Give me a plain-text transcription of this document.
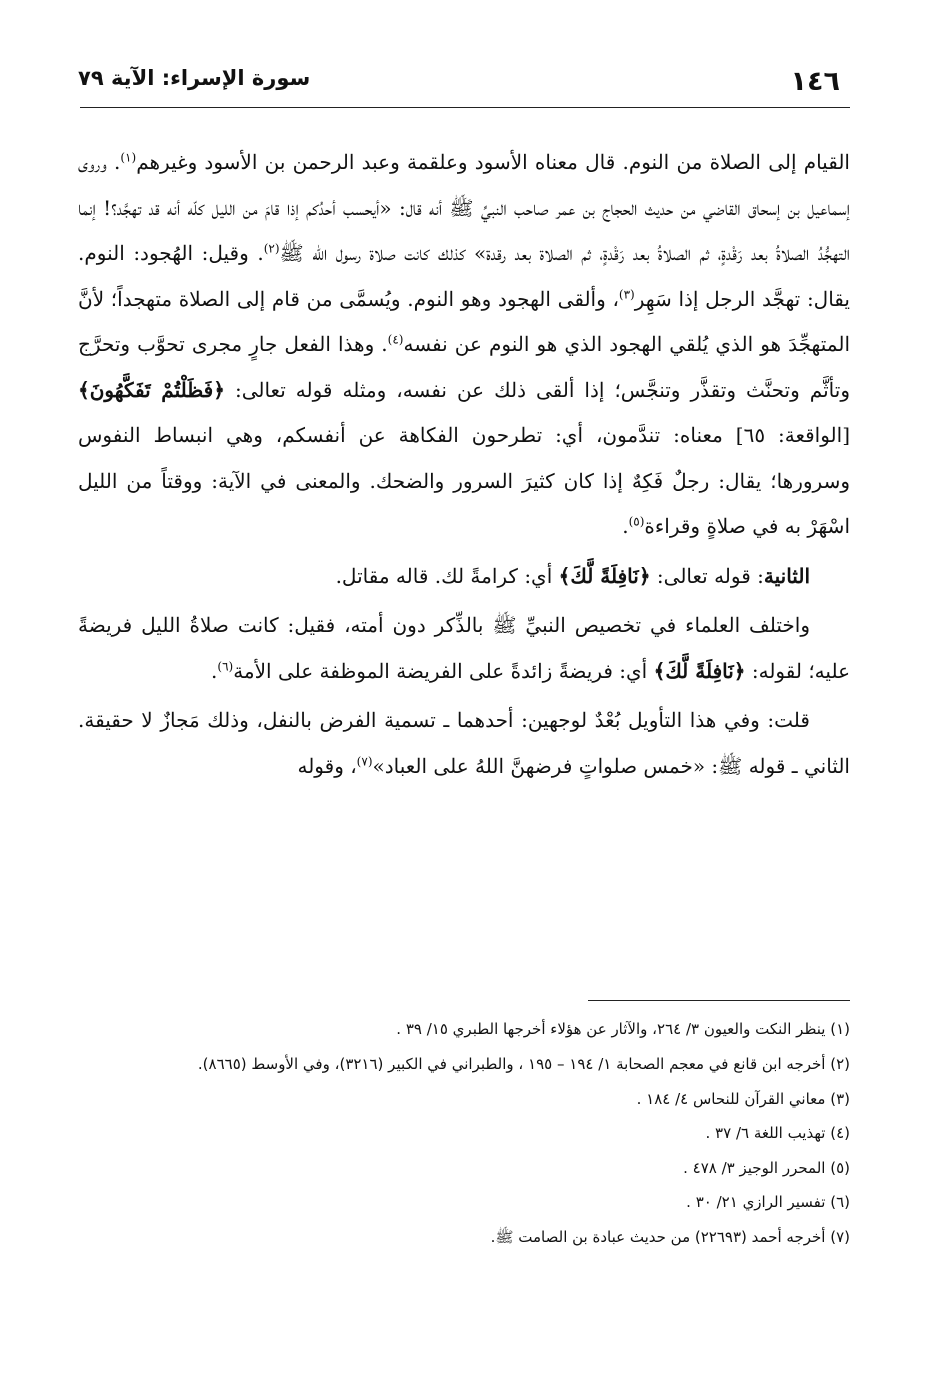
١٤٦
سورة الإسراء: الآية ٧٩

القيام إلى الصلاة من النوم. قال معناه الأسود وعلقمة وعبد الرحمن بن الأسود وغيرهم$^{(١)}$. وروى إسماعيل بن إسحاق القاضي من حديث الحجاج بن عمر صاحب النبيِّ ﷺ أنه قال: «أيحسب أحدُكم إذا قامَ من الليل كلّه أنه قد تهجَّد؟! إنما التهجُّدُ الصلاةُ بعد رَقْدةٍ، ثم الصلاةُ بعد رَقْدةٍ، ثم الصلاة بعد رقدة» كذلك كانت صلاة رسول الله ﷺ$^{(٢)}$. وقيل: الهُجود: النوم. يقال: تهجَّد الرجل إذا سَهِر$^{(٣)}$، وألقى الهجود وهو النوم. ويُسمَّى من قام إلى الصلاة متهجداً؛ لأنَّ المتهجِّدَ هو الذي يُلقي الهجود الذي هو النوم عن نفسه$^{(٤)}$. وهذا الفعل جارٍ مجرى تحوَّب وتحرَّج وتأثَّم وتحنَّث وتقذَّر وتنجَّس؛ إذا ألقى ذلك عن نفسه، ومثله قوله تعالى: ﴿فَظَلْتُمْ تَفَكَّهُونَ﴾ [الواقعة: ٦٥] معناه: تندَّمون، أي: تطرحون الفكاهة عن أنفسكم، وهي انبساط النفوس وسرورها؛ يقال: رجلٌ فَكِهٌ إذا كان كثيرَ السرور والضحك. والمعنى في الآية: ووقتاً من الليل اسْهَرْ به في صلاةٍ وقراءة$^{(٥)}$.

  الثانية: قوله تعالى: ﴿نَافِلَةً لَّكَ﴾ أي: كرامةً لك. قاله مقاتل.

  واختلف العلماء في تخصيص النبيِّ ﷺ بالذِّكر دون أمته، فقيل: كانت صلاةُ الليل فريضةً عليه؛ لقوله: ﴿نَافِلَةً لَّكَ﴾ أي: فريضةً زائدةً على الفريضة الموظفة على الأمة$^{(٦)}$.

  قلت: وفي هذا التأويل بُعْدٌ لوجهين: أحدهما ـ تسمية الفرض بالنفل، وذلك مَجازٌ لا حقيقة. الثاني ـ قوله ﷺ: «خمس صلواتٍ فرضهنَّ اللهُ على العباد»$^{(٧)}$، وقوله

(١) ينظر النكت والعيون ٣/ ٢٦٤، والآثار عن هؤلاء أخرجها الطبري ١٥/ ٣٩ .

(٢) أخرجه ابن قانع في معجم الصحابة ١/ ١٩٤ – ١٩٥ ، والطبراني في الكبير (٣٢١٦)، وفي الأوسط (٨٦٦٥).

(٣) معاني القرآن للنحاس ٤/ ١٨٤ .

(٤) تهذيب اللغة ٦/ ٣٧ .

(٥) المحرر الوجيز ٣/ ٤٧٨ .

(٦) تفسير الرازي ٢١/ ٣٠ .

(٧) أخرجه أحمد (٢٢٦٩٣) من حديث عبادة بن الصامت ﷺ.
